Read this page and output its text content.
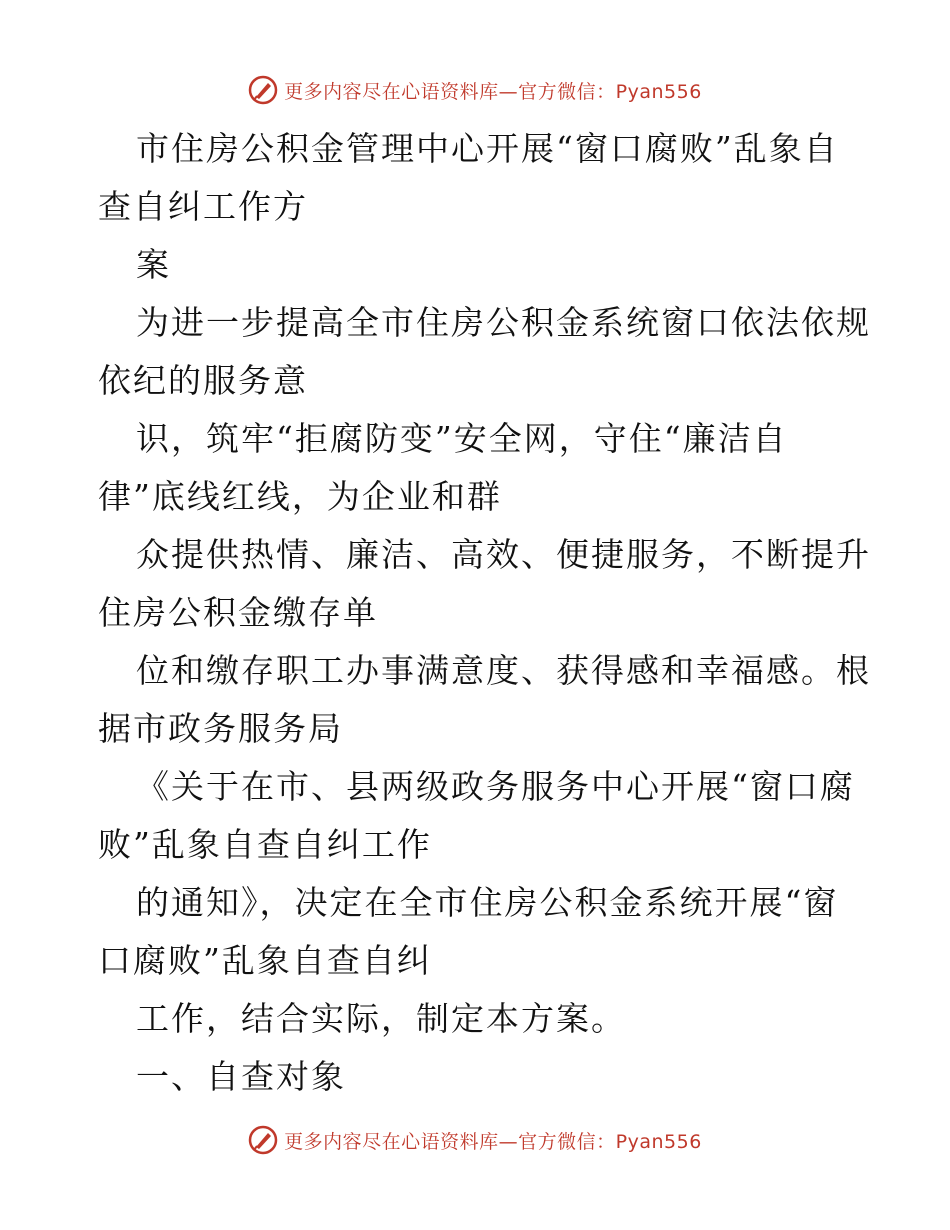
更多内容尽在心语资料库—官方微信：Pyan556
市住房公积金管理中心开展“窗口腐败”乱象自
查自纠工作方
案
为进一步提高全市住房公积金系统窗口依法依规
依纪的服务意
识，筑牢“拒腐防变”安全网，守住“廉洁自
律”底线红线，为企业和群
众提供热情、廉洁、高效、便捷服务，不断提升
住房公积金缴存单
位和缴存职工办事满意度、获得感和幸福感。根
据市政务服务局
《关于在市、县两级政务服务中心开展“窗口腐
败”乱象自查自纠工作
的通知》，决定在全市住房公积金系统开展“窗
口腐败”乱象自查自纠
工作，结合实际，制定本方案。
一、自查对象
更多内容尽在心语资料库—官方微信：Pyan556
